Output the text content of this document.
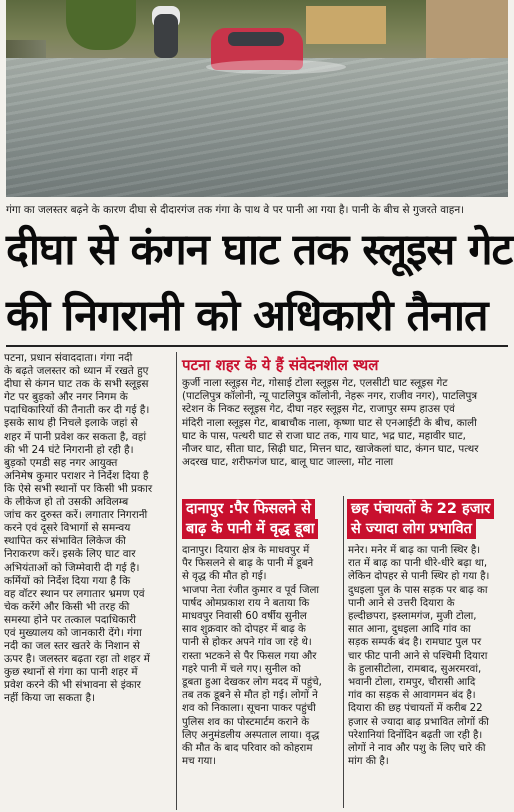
गंगा का जलस्तर बढ़ने के कारण दीघा से दीदारगंज तक गंगा के पाथ वे पर पानी आ गया है। पानी के बीच से गुजरते वाहन।
दीघा से कंगन घाट तक स्लूइस गेट
की निगरानी को अधिकारी तैनात
पटना, प्रधान संवाददाता। गंगा नदी
के बढ़ते जलस्तर को ध्यान में रखते हुए
दीघा से कंगन घाट तक के सभी स्लूइस
गेट पर बुड़को और नगर निगम के
पदाधिकारियों की तैनाती कर दी गई है।
इसके साथ ही निचले इलाके जहां से
शहर में पानी प्रवेश कर सकता है, वहां
की भी 24 घंटे निगरानी हो रही है।
बुड़को एमडी सह नगर आयुक्त
अनिमेष कुमार पराशर ने निर्देश दिया है
कि ऐसे सभी स्थानों पर किसी भी प्रकार
के लीकेज हो तो उसकी अविलम्ब
जांच कर दुरुस्त करें। लगातार निगरानी
करने एवं दूसरे विभागों से समन्वय
स्थापित कर संभावित लिकेज की
निराकरण करें। इसके लिए घाट वार
अभियंताओं को जिम्मेवारी दी गई है।
कर्मियों को निर्देश दिया गया है कि
वह वॉटर स्थान पर लगातार भ्रमण एवं
चेक करेंगे और किसी भी तरह की
समस्या होने पर तत्काल पदाधिकारी
एवं मुख्यालय को जानकारी देंगे। गंगा
नदी का जल स्तर खतरे के निशान से
ऊपर है। जलस्तर बढ़ता रहा तो शहर में
कुछ स्थानों से गंगा का पानी शहर में
प्रवेश करने की भी संभावना से इंकार
नहीं किया जा सकता है।
पटना शहर के ये हैं संवेदनशील स्थल
कुर्जी नाला स्लूइस गेट, गोसाई टोला स्लूइस गेट, एलसीटी घाट स्लूइस गेट
(पाटलिपुत्र कॉलोनी, न्यू पाटलिपुत्र कॉलोनी, नेहरू नगर, राजीव नगर), पाटलिपुत्र
स्टेशन के निकट स्लूइस गेट, दीघा नहर स्लूइस गेट, राजापुर सम्प हाउस एवं
मंदिरी नाला स्लूइस गेट, बाबाचौक नाला, कृष्णा घाट से एनआईटी के बीच, काली
घाट के पास, पत्थरी घाट से राजा घाट तक, गाय घाट, भद्र घाट, महावीर घाट,
नौजर घाट, सीता घाट, सिढ़ी घाट, मित्तन घाट, खाजेकलां घाट, कंगन घाट, पत्थर
अदरख घाट, शरीफगंज घाट, बालू घाट जाल्ला, मोट नाला
दानापुर :पैर फिसलने से
बाढ़ के पानी में वृद्ध डूबा
दानापुर। दियारा क्षेत्र के माधवपुर में
पैर फिसलने से बाढ़ के पानी में डूबने
से वृद्ध की मौत हो गई।
भाजपा नेता रंजीत कुमार व पूर्व जिला
पार्षद ओमप्रकाश राय ने बताया कि
माधवपुर निवासी 60 वर्षीय सुनील
साव शुक्रवार को दोपहर में बाढ़ के
पानी से होकर अपने गांव जा रहे थे।
रास्ता भटकने से पैर फिसल गया और
गहरे पानी में चले गए। सुनील को
डूबता हुआ देखकर लोग मदद में पहुंचे,
तब तक डूबने से मौत हो गई। लोगों ने
शव को निकाला। सूचना पाकर पहुंची
पुलिस शव का पोस्टमार्टम कराने के
लिए अनुमंडलीय अस्पताल लाया। वृद्ध
की मौत के बाद परिवार को कोहराम
मच गया।
छह पंचायतों के 22 हजार
से ज्यादा लोग प्रभावित
मनेर। मनेर में बाढ़ का पानी स्थिर है।
रात में बाढ़ का पानी धीरे-धीरे बढ़ा था,
लेकिन दोपहर से पानी स्थिर हो गया है।
दुधइला पुल के पास सड़क पर बाढ़ का
पानी आने से उत्तरी दियारा के
हल्दीछपरा, इस्लामगंज, मुजी टोला,
सात आना, दुधइला आदि गांव का
सड़क सम्पर्क बंद है। रामघाट पुल पर
चार फीट पानी आने से पश्चिमी दियारा
के हुलासीटोला, रामबाद, सुअरमरवां,
भवानी टोला, रामपुर, चौरासी आदि
गांव का सड़क से आवागमन बंद है।
दियारा की छह पंचायतों में करीब 22
हजार से ज्यादा बाढ़ प्रभावित लोगों की
परेशानियां दिनोंदिन बढ़ती जा रही है।
लोगों ने नाव और पशु के लिए चारे की
मांग की है।
